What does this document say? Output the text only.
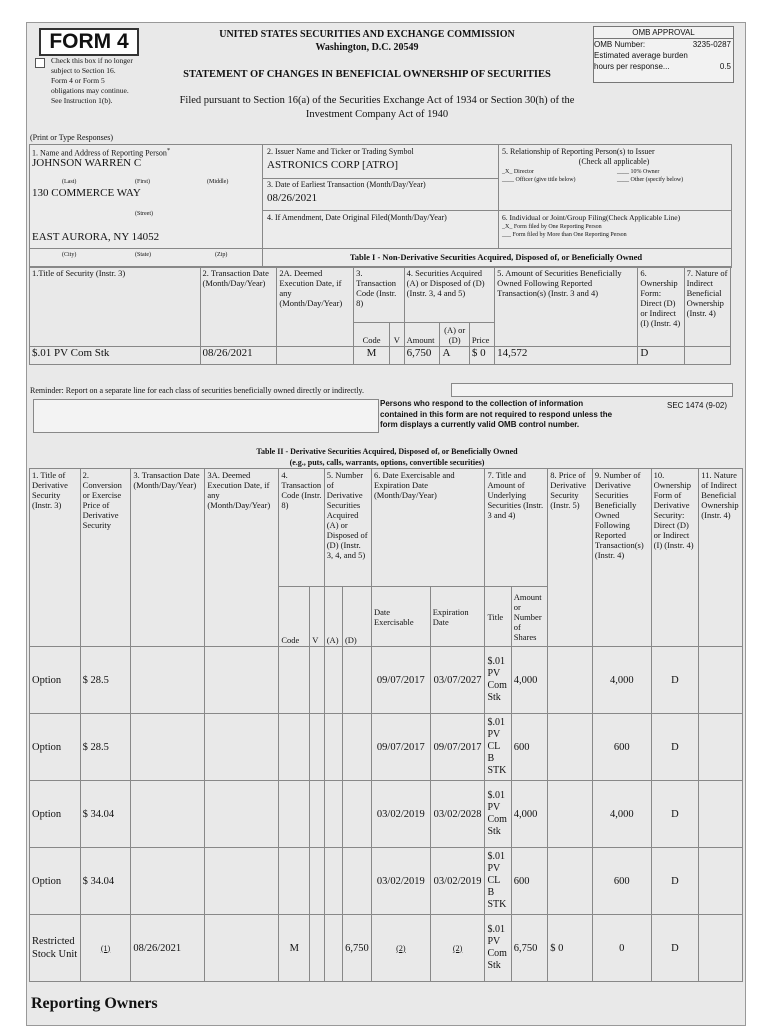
FORM 4
Check this box if no longer subject to Section 16. Form 4 or Form 5 obligations may continue. See Instruction 1(b).
UNITED STATES SECURITIES AND EXCHANGE COMMISSION
Washington, D.C. 20549
STATEMENT OF CHANGES IN BENEFICIAL OWNERSHIP OF SECURITIES
Filed pursuant to Section 16(a) of the Securities Exchange Act of 1934 or Section 30(h) of the
Investment Company Act of 1940
OMB APPROVAL
OMB Number:	3235-0287
Estimated average burden
hours per response...	0.5
(Print or Type Responses)
1. Name and Address of Reporting Person*
JOHNSON WARREN C
(Last)	(First)	(Middle)
130 COMMERCE WAY
(Street)
EAST AURORA, NY 14052
(City)	(State)	(Zip)
2. Issuer Name and Ticker or Trading Symbol
ASTRONICS CORP [ATRO]
3. Date of Earliest Transaction (Month/Day/Year)
08/26/2021
4. If Amendment, Date Original Filed(Month/Day/Year)
5. Relationship of Reporting Person(s) to Issuer
(Check all applicable)
_X_ Director	____ 10% Owner
____ Officer (give title below)	____ Other (specify below)
6. Individual or Joint/Group Filing(Check Applicable Line)
_X_ Form filed by One Reporting Person
___ Form filed by More than One Reporting Person
Table I - Non-Derivative Securities Acquired, Disposed of, or Beneficially Owned
1.Title of Security (Instr. 3)	2. Transaction Date (Month/Day/Year)	2A. Deemed Execution Date, if any (Month/Day/Year)	3. Transaction Code (Instr. 8)		4. Securities Acquired (A) or Disposed of (D) (Instr. 3, 4 and 5)			5. Amount of Securities Beneficially Owned Following Reported Transaction(s) (Instr. 3 and 4)	6. Ownership Form: Direct (D) or Indirect (I) (Instr. 4)	7. Nature of Indirect Beneficial Ownership (Instr. 4)
			Code	V	Amount	(A) or (D)	Price			
$.01 PV Com Stk	08/26/2021		M		6,750	A	$ 0	14,572	D	
Reminder: Report on a separate line for each class of securities beneficially owned directly or indirectly.
Persons who respond to the collection of information
contained in this form are not required to respond unless the
form displays a currently valid OMB control number.
SEC 1474 (9-02)
Table II - Derivative Securities Acquired, Disposed of, or Beneficially Owned
(e.g., puts, calls, warrants, options, convertible securities)
1. Title of Derivative Security (Instr. 3)	2. Conversion or Exercise Price of Derivative Security	3. Transaction Date (Month/Day/Year)	3A. Deemed Execution Date, if any (Month/Day/Year)	4. Transaction Code (Instr. 8)		5. Number of Derivative Securities Acquired (A) or Disposed of (D) (Instr. 3, 4, and 5)		6. Date Exercisable and Expiration Date (Month/Day/Year)		7. Title and Amount of Underlying Securities (Instr. 3 and 4)		8. Price of Derivative Security (Instr. 5)	9. Number of Derivative Securities Beneficially Owned Following Reported Transaction(s) (Instr. 4)	10. Ownership Form of Derivative Security: Direct (D) or Indirect (I) (Instr. 4)	11. Nature of Indirect Beneficial Ownership (Instr. 4)
				Code	V	(A)	(D)	Date Exercisable	Expiration Date	Title	Amount or Number of Shares				
Option	$ 28.5							09/07/2017	03/07/2027	$.01 PV Com Stk	4,000		4,000	D	
Option	$ 28.5							09/07/2017	09/07/2017	$.01 PV CL B STK	600		600	D	
Option	$ 34.04							03/02/2019	03/02/2028	$.01 PV Com Stk	4,000		4,000	D	
Option	$ 34.04							03/02/2019	03/02/2019	$.01 PV CL B STK	600		600	D	
Restricted Stock Unit	(1)	08/26/2021		M			6,750	(2)	(2)	$.01 PV Com Stk	6,750	$ 0	0	D	
Reporting Owners
